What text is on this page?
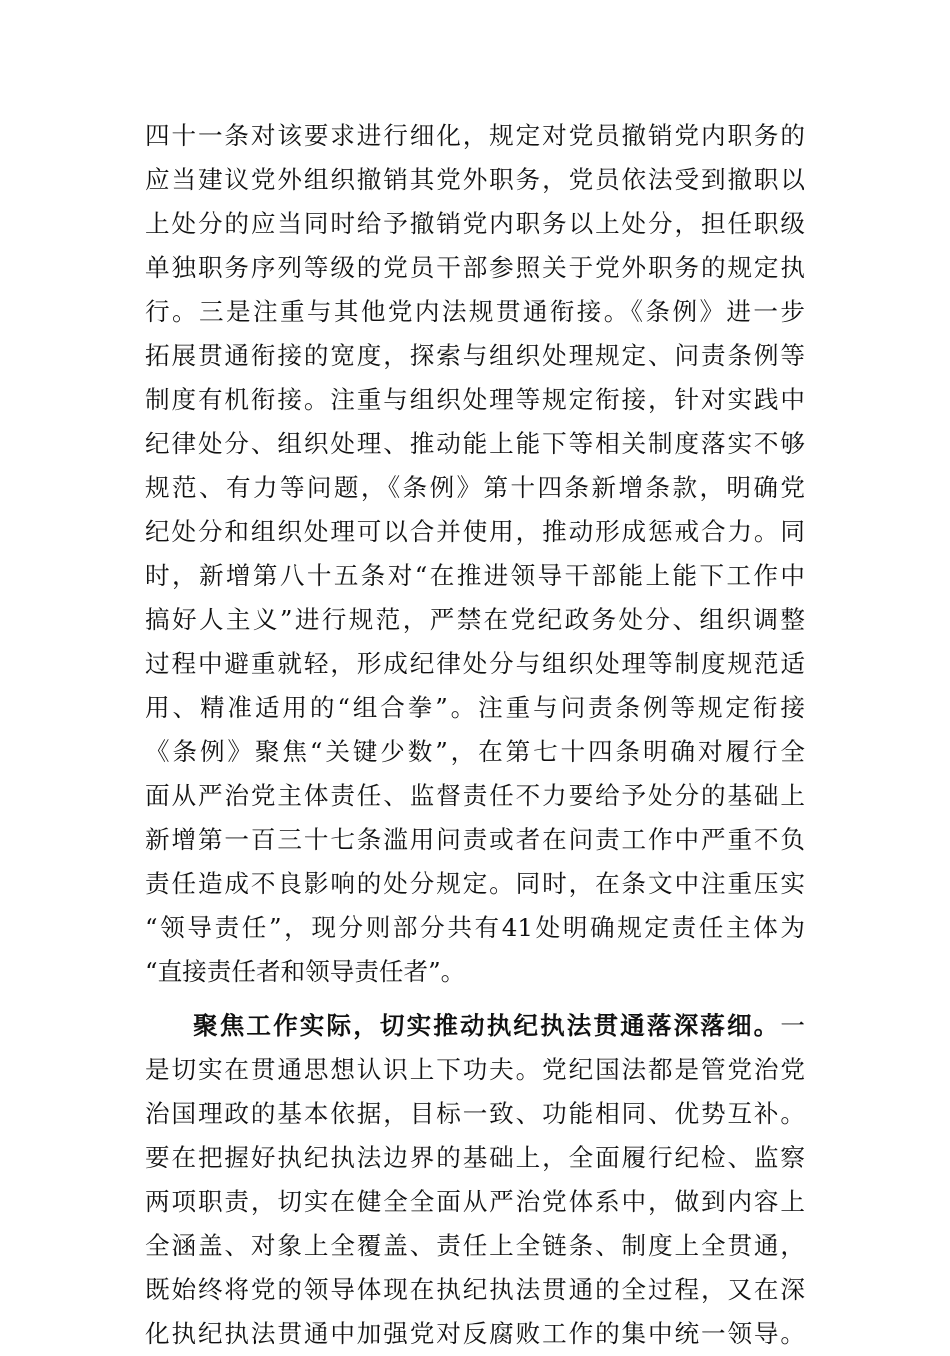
四十一条对该要求进行细化，规定对党员撤销党内职务的
应当建议党外组织撤销其党外职务，党员依法受到撤职以
上处分的应当同时给予撤销党内职务以上处分，担任职级
单独职务序列等级的党员干部参照关于党外职务的规定执
行。三是注重与其他党内法规贯通衔接。《条例》进一步
拓展贯通衔接的宽度，探索与组织处理规定、问责条例等
制度有机衔接。注重与组织处理等规定衔接，针对实践中
纪律处分、组织处理、推动能上能下等相关制度落实不够
规范、有力等问题，《条例》第十四条新增条款，明确党
纪处分和组织处理可以合并使用，推动形成惩戒合力。同
时，新增第八十五条对“在推进领导干部能上能下工作中
搞好人主义”进行规范，严禁在党纪政务处分、组织调整
过程中避重就轻，形成纪律处分与组织处理等制度规范适
用、精准适用的“组合拳”。注重与问责条例等规定衔接
《条例》聚焦“关键少数”，在第七十四条明确对履行全
面从严治党主体责任、监督责任不力要给予处分的基础上
新增第一百三十七条滥用问责或者在问责工作中严重不负
责任造成不良影响的处分规定。同时，在条文中注重压实
“领导责任”，现分则部分共有41处明确规定责任主体为
“直接责任者和领导责任者”。
聚焦工作实际，切实推动执纪执法贯通落深落细。一
是切实在贯通思想认识上下功夫。党纪国法都是管党治党
治国理政的基本依据，目标一致、功能相同、优势互补。
要在把握好执纪执法边界的基础上，全面履行纪检、监察
两项职责，切实在健全全面从严治党体系中，做到内容上
全涵盖、对象上全覆盖、责任上全链条、制度上全贯通，
既始终将党的领导体现在执纪执法贯通的全过程，又在深
化执纪执法贯通中加强党对反腐败工作的集中统一领导。
